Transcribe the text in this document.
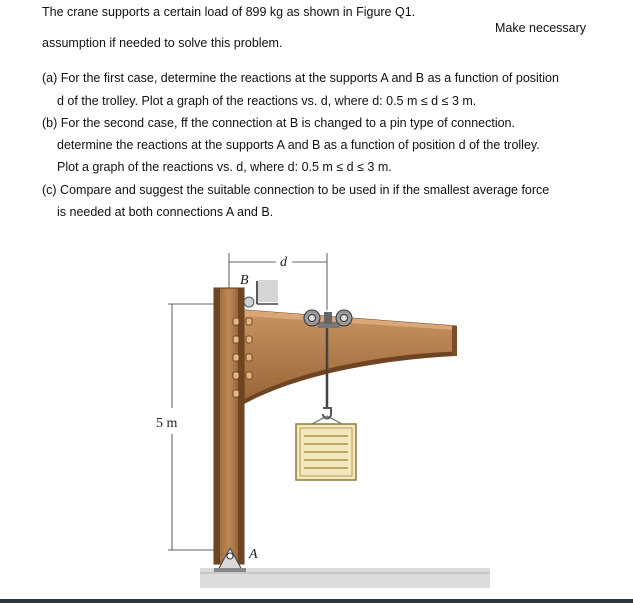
The crane supports a certain load of 899 kg as shown in Figure Q1.
Make necessary
assumption if needed to solve this problem.
(a) For the first case, determine the reactions at the supports A and B as a function of position
d of the trolley. Plot a graph of the reactions vs. d, where d: 0.5 m ≤ d ≤ 3 m.
(b) For the second case, ff the connection at B is changed to a pin type of connection.
determine the reactions at the supports A and B as a function of position d of the trolley.
Plot a graph of the reactions vs. d, where d: 0.5 m ≤ d ≤ 3 m.
(c) Compare and suggest the suitable connection to be used in if the smallest average force
is needed at both connections A and B.
d
B
A
5 m
